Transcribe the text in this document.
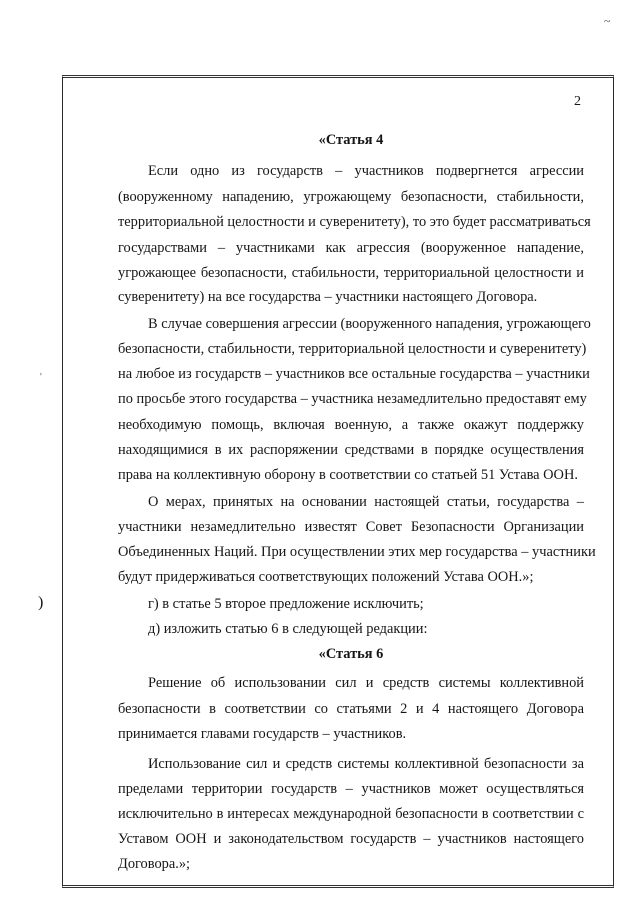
~
'
)
2
«Статья 4
Если одно из государств – участников подвергнется агрессии
(вооруженному нападению, угрожающему безопасности, стабильности,
территориальной целостности и суверенитету), то это будет рассматриваться
государствами – участниками как агрессия (вооруженное нападение,
угрожающее безопасности, стабильности, территориальной целостности и
суверенитету) на все государства – участники настоящего Договора.
В случае совершения агрессии (вооруженного нападения, угрожающего
безопасности, стабильности, территориальной целостности и суверенитету)
на любое из государств – участников все остальные государства – участники
по просьбе этого государства – участника незамедлительно предоставят ему
необходимую помощь, включая военную, а также окажут поддержку
находящимися в их распоряжении средствами в порядке осуществления
права на коллективную оборону в соответствии со статьей 51 Устава ООН.
О мерах, принятых на основании настоящей статьи, государства –
участники незамедлительно известят Совет Безопасности Организации
Объединенных Наций. При осуществлении этих мер государства – участники
будут придерживаться соответствующих положений Устава ООН.»;
г) в статье 5 второе предложение исключить;
д) изложить статью 6 в следующей редакции:
«Статья 6
Решение об использовании сил и средств системы коллективной
безопасности в соответствии со статьями 2 и 4 настоящего Договора
принимается главами государств – участников.
Использование сил и средств системы коллективной безопасности за
пределами территории государств – участников может осуществляться
исключительно в интересах международной безопасности в соответствии с
Уставом ООН и законодательством государств – участников настоящего
Договора.»;
